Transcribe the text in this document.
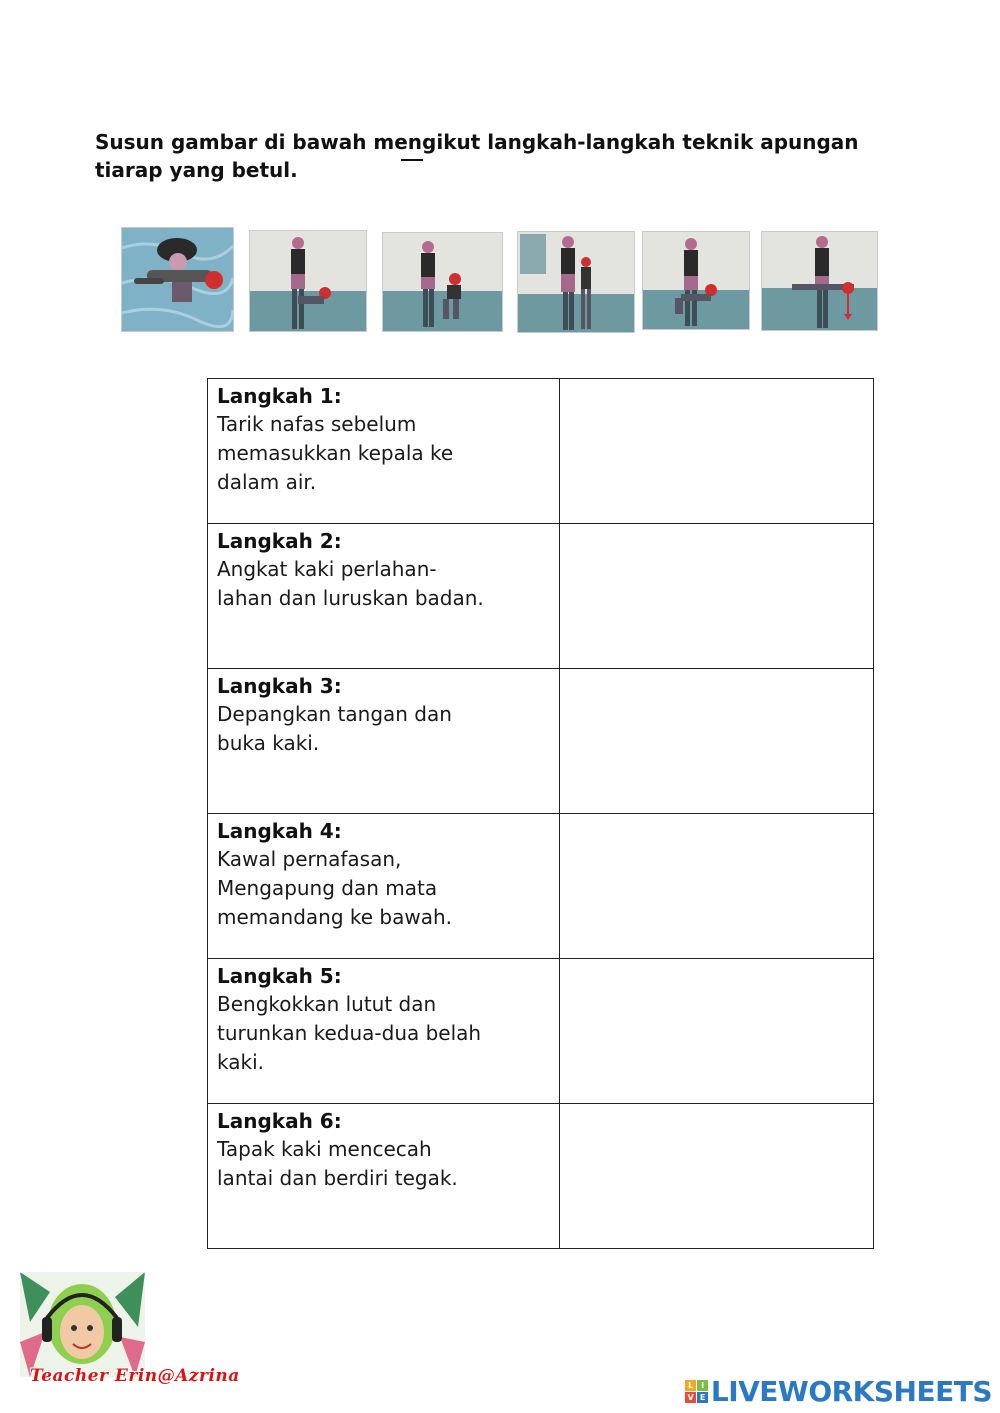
Susun gambar di bawah mengikut langkah-langkah teknik apungan tiarap yang betul.

Langkah 1:
Tarik nafas sebelum
memasukkan kepala ke
dalam air.	

Langkah 2:
Angkat kaki perlahan-
lahan dan luruskan badan.	

Langkah 3:
Depangkan tangan dan
buka kaki.	

Langkah 4:
Kawal pernafasan,
Mengapung dan mata
memandang ke bawah.	

Langkah 5:
Bengkokkan lutut dan
turunkan kedua-dua belah
kaki.	

Langkah 6:
Tapak kaki mencecah
lantai dan berdiri tegak.	

Teacher Erin@Azrina	L	I
V E LIVEWORKSHEETS
